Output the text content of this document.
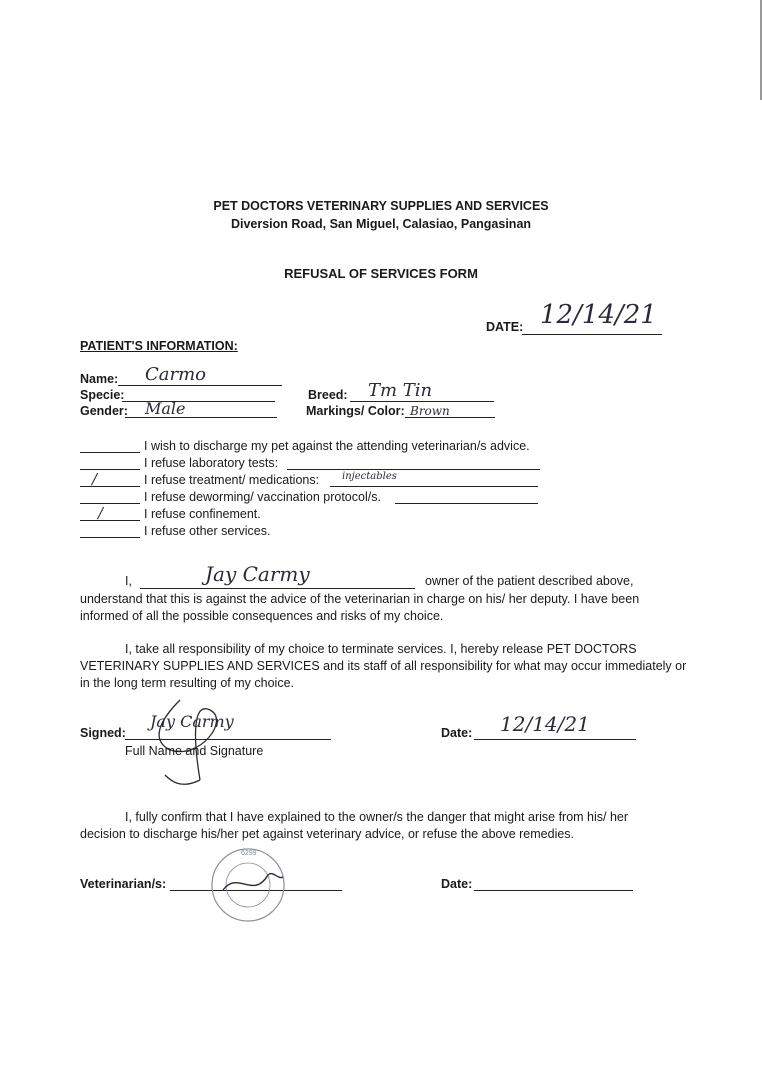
PET DOCTORS VETERINARY SUPPLIES AND SERVICES
Diversion Road, San Miguel, Calasiao, Pangasinan
REFUSAL OF SERVICES FORM
DATE: 12/14/21
PATIENT'S INFORMATION:
Name: Carmo
Specie:
Gender: Male
Breed: Tm Tin
Markings/ Color: Brown
I wish to discharge my pet against the attending veterinarian/s advice.
I refuse laboratory tests:
/	I refuse treatment/ medications: injectables
I refuse deworming/ vaccination protocol/s.
/	I refuse confinement.
I refuse other services.
I,	Jay Carmy	owner of the patient described above,
understand that this is against the advice of the veterinarian in charge on his/ her deputy. I have been
informed of all the possible consequences and risks of my choice.
I, take all responsibility of my choice to terminate services. I, hereby release PET DOCTORS
VETERINARY SUPPLIES AND SERVICES and its staff of all responsibility for what may occur immediately or
in the long term resulting of my choice.
Signed:
Jay Carmy
Full Name and Signature
Date: 12/14/21
I, fully confirm that I have explained to the owner/s the danger that might arise from his/ her
decision to discharge his/her pet against veterinary advice, or refuse the above remedies.
Veterinarian/s:
6299
Date:
